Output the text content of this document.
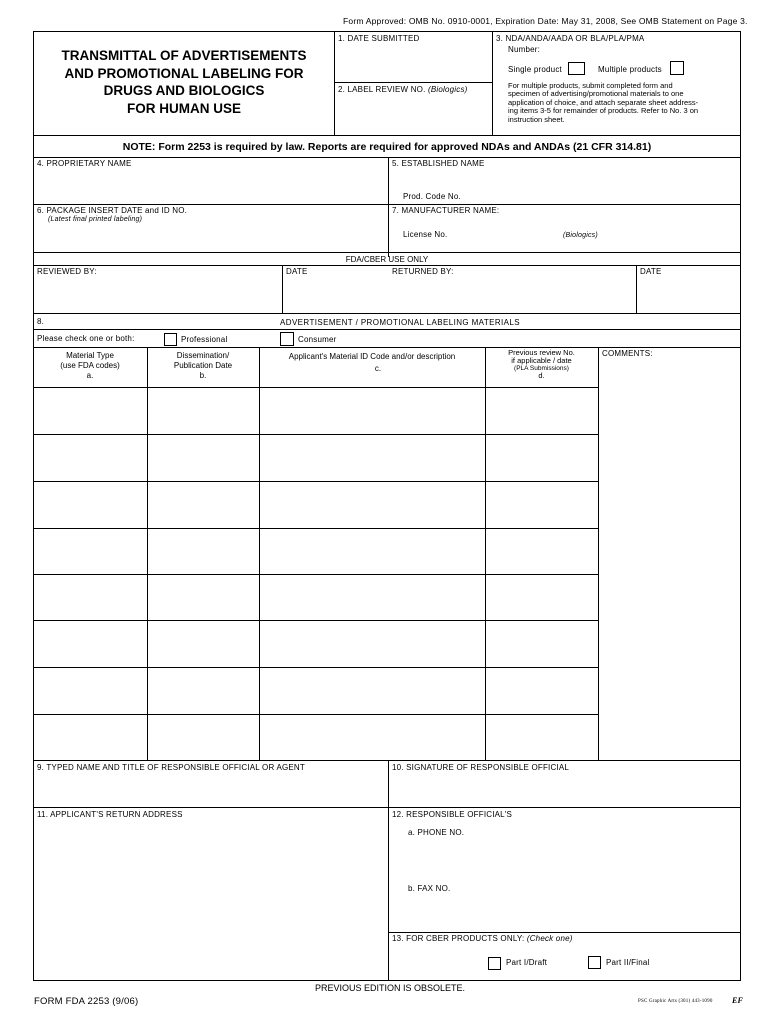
Form Approved: OMB No. 0910-0001, Expiration Date: May 31, 2008, See OMB Statement on Page 3.
TRANSMITTAL OF ADVERTISEMENTS
AND PROMOTIONAL LABELING FOR
DRUGS AND BIOLOGICS
FOR HUMAN USE
1. DATE SUBMITTED
2. LABEL REVIEW NO. (Biologics)
3. NDA/ANDA/AADA OR BLA/PLA/PMA
Number:
Single product	Multiple products
For multiple products, submit completed form and
specimen of advertising/promotional materials to one
application of choice, and attach separate sheet address-
ing items 3-5 for remainder of products. Refer to No. 3 on
instruction sheet.
NOTE: Form 2253 is required by law. Reports are required for approved NDAs and ANDAs (21 CFR 314.81)
4. PROPRIETARY NAME	5. ESTABLISHED NAME
Prod. Code No.
6. PACKAGE INSERT DATE and ID NO.
(Latest final printed labeling)
7. MANUFACTURER NAME:
License No.	(Biologics)
FDA/CBER USE ONLY
REVIEWED BY:	DATE	RETURNED BY:	DATE
8.	ADVERTISEMENT / PROMOTIONAL LABELING MATERIALS
Please check one or both:	Professional	Consumer
Material Type
(use FDA codes)
a.
Dissemination/
Publication Date
b.
Applicant's Material ID Code and/or description
c.
Previous review No.
if applicable / date
(PLA Submissions)
d.
COMMENTS:
9. TYPED NAME AND TITLE OF RESPONSIBLE OFFICIAL OR AGENT	10. SIGNATURE OF RESPONSIBLE OFFICIAL
11. APPLICANT'S RETURN ADDRESS	12. RESPONSIBLE OFFICIAL'S
a. PHONE NO.
b. FAX NO.
13. FOR CBER PRODUCTS ONLY: (Check one)
Part I/Draft	Part II/Final
PREVIOUS EDITION IS OBSOLETE.
FORM FDA 2253 (9/06)	PSC Graphic Arts (301) 443-1090 EF
